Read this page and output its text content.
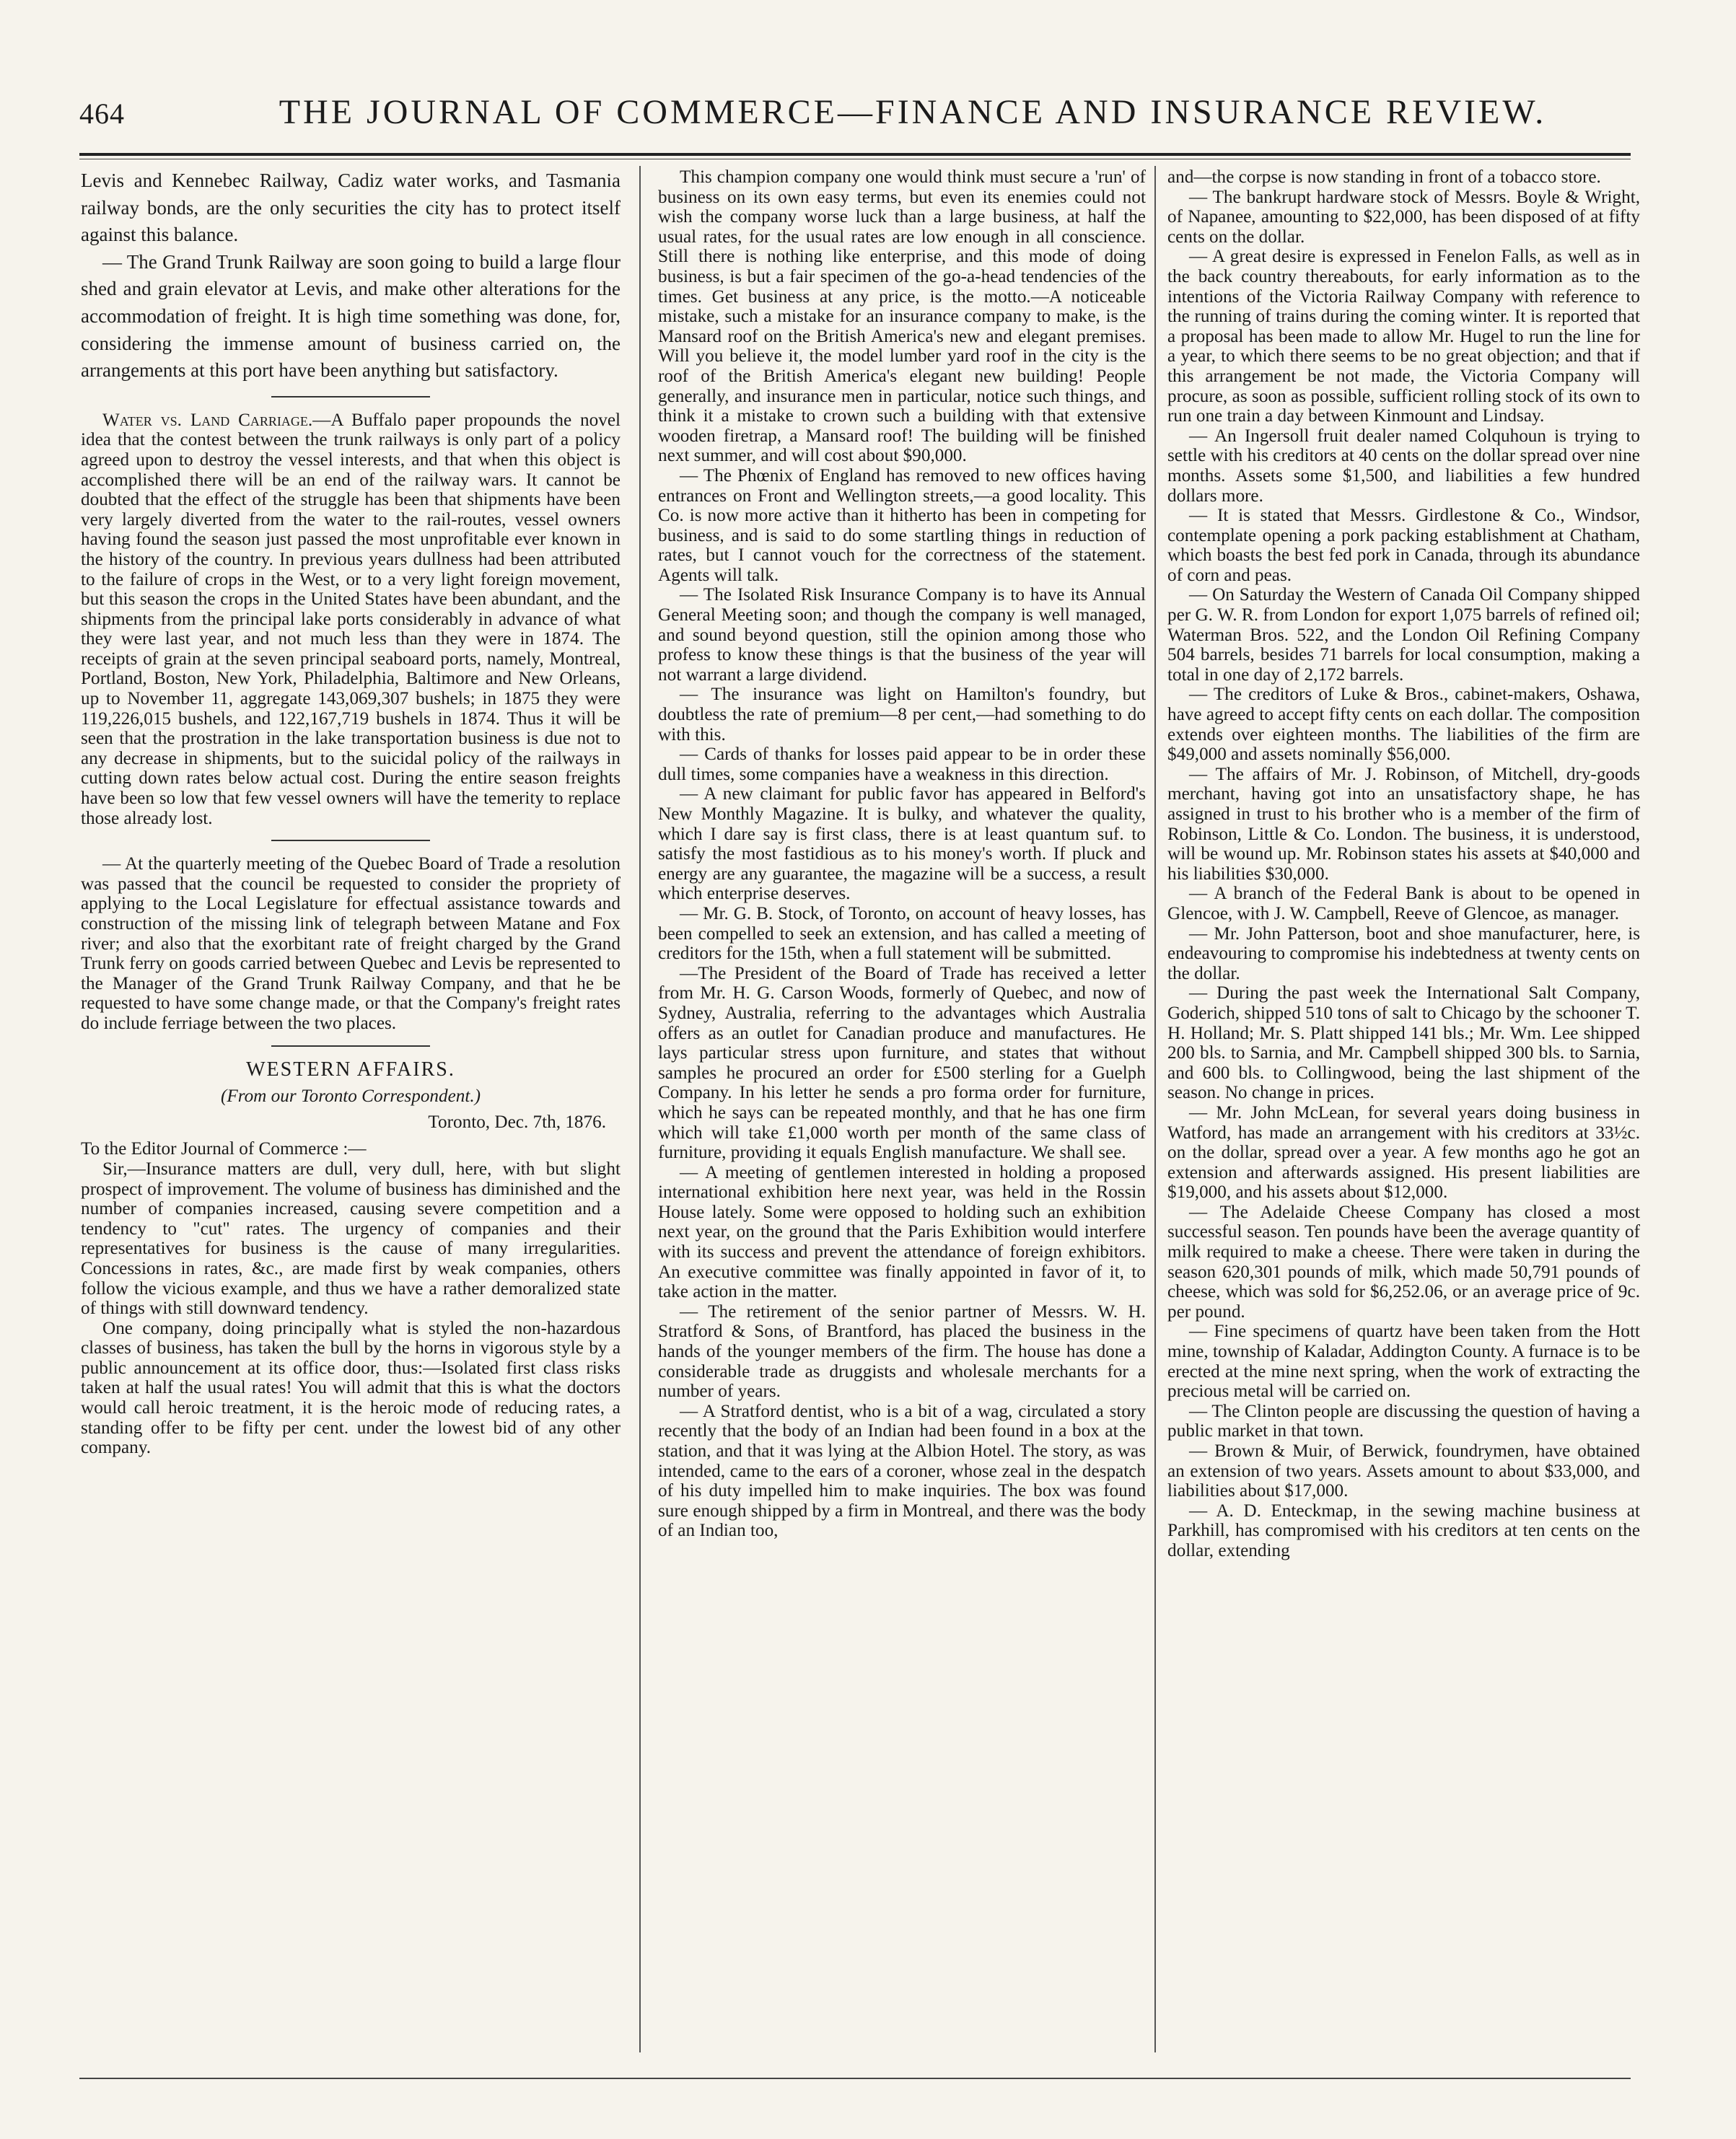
464	THE JOURNAL OF COMMERCE—FINANCE AND INSURANCE REVIEW.

Levis and Kennebec Railway, Cadiz water works, and Tasmania railway bonds, are the only securities the city has to protect itself against this balance.

— The Grand Trunk Railway are soon going to build a large flour shed and grain elevator at Levis, and make other alterations for the accommodation of freight. It is high time something was done, for, considering the immense amount of business carried on, the arrangements at this port have been anything but satisfactory.

Water vs. Land Carriage.—A Buffalo paper propounds the novel idea that the contest between the trunk railways is only part of a policy agreed upon to destroy the vessel interests, and that when this object is accomplished there will be an end of the railway wars. It cannot be doubted that the effect of the struggle has been that shipments have been very largely diverted from the water to the rail-routes, vessel owners having found the season just passed the most unprofitable ever known in the history of the country. In previous years dullness had been attributed to the failure of crops in the West, or to a very light foreign movement, but this season the crops in the United States have been abundant, and the shipments from the principal lake ports considerably in advance of what they were last year, and not much less than they were in 1874. The receipts of grain at the seven principal seaboard ports, namely, Montreal, Portland, Boston, New York, Philadelphia, Baltimore and New Orleans, up to November 11, aggregate 143,069,307 bushels; in 1875 they were 119,226,015 bushels, and 122,167,719 bushels in 1874. Thus it will be seen that the prostration in the lake transportation business is due not to any decrease in shipments, but to the suicidal policy of the railways in cutting down rates below actual cost. During the entire season freights have been so low that few vessel owners will have the temerity to replace those already lost.

— At the quarterly meeting of the Quebec Board of Trade a resolution was passed that the council be requested to consider the propriety of applying to the Local Legislature for effectual assistance towards and construction of the missing link of telegraph between Matane and Fox river; and also that the exorbitant rate of freight charged by the Grand Trunk ferry on goods carried between Quebec and Levis be represented to the Manager of the Grand Trunk Railway Company, and that he be requested to have some change made, or that the Company's freight rates do include ferriage between the two places.

WESTERN AFFAIRS.
(From our Toronto Correspondent.)
Toronto, Dec. 7th, 1876.

To the Editor Journal of Commerce :—

Sir,—Insurance matters are dull, very dull, here, with but slight prospect of improvement. The volume of business has diminished and the number of companies increased, causing severe competition and a tendency to "cut" rates. The urgency of companies and their representatives for business is the cause of many irregularities. Concessions in rates, &c., are made first by weak companies, others follow the vicious example, and thus we have a rather demoralized state of things with still downward tendency.

One company, doing principally what is styled the non-hazardous classes of business, has taken the bull by the horns in vigorous style by a public announcement at its office door, thus:—Isolated first class risks taken at half the usual rates! You will admit that this is what the doctors would call heroic treatment, it is the heroic mode of reducing rates, a standing offer to be fifty per cent. under the lowest bid of any other company.

This champion company one would think must secure a 'run' of business on its own easy terms, but even its enemies could not wish the company worse luck than a large business, at half the usual rates, for the usual rates are low enough in all conscience. Still there is nothing like enterprise, and this mode of doing business, is but a fair specimen of the go-a-head tendencies of the times. Get business at any price, is the motto.—A noticeable mistake, such a mistake for an insurance company to make, is the Mansard roof on the British America's new and elegant premises. Will you believe it, the model lumber yard roof in the city is the roof of the British America's elegant new building! People generally, and insurance men in particular, notice such things, and think it a mistake to crown such a building with that extensive wooden firetrap, a Mansard roof! The building will be finished next summer, and will cost about $90,000.

— The Phœnix of England has removed to new offices having entrances on Front and Wellington streets,—a good locality. This Co. is now more active than it hitherto has been in competing for business, and is said to do some startling things in reduction of rates, but I cannot vouch for the correctness of the statement. Agents will talk.

— The Isolated Risk Insurance Company is to have its Annual General Meeting soon; and though the company is well managed, and sound beyond question, still the opinion among those who profess to know these things is that the business of the year will not warrant a large dividend.

— The insurance was light on Hamilton's foundry, but doubtless the rate of premium—8 per cent,—had something to do with this.

— Cards of thanks for losses paid appear to be in order these dull times, some companies have a weakness in this direction.

— A new claimant for public favor has appeared in Belford's New Monthly Magazine. It is bulky, and whatever the quality, which I dare say is first class, there is at least quantum suf. to satisfy the most fastidious as to his money's worth. If pluck and energy are any guarantee, the magazine will be a success, a result which enterprise deserves.

— Mr. G. B. Stock, of Toronto, on account of heavy losses, has been compelled to seek an extension, and has called a meeting of creditors for the 15th, when a full statement will be submitted.

—The President of the Board of Trade has received a letter from Mr. H. G. Carson Woods, formerly of Quebec, and now of Sydney, Australia, referring to the advantages which Australia offers as an outlet for Canadian produce and manufactures. He lays particular stress upon furniture, and states that without samples he procured an order for £500 sterling for a Guelph Company. In his letter he sends a pro forma order for furniture, which he says can be repeated monthly, and that he has one firm which will take £1,000 worth per month of the same class of furniture, providing it equals English manufacture. We shall see.

— A meeting of gentlemen interested in holding a proposed international exhibition here next year, was held in the Rossin House lately. Some were opposed to holding such an exhibition next year, on the ground that the Paris Exhibition would interfere with its success and prevent the attendance of foreign exhibitors. An executive committee was finally appointed in favor of it, to take action in the matter.

— The retirement of the senior partner of Messrs. W. H. Stratford & Sons, of Brantford, has placed the business in the hands of the younger members of the firm. The house has done a considerable trade as druggists and wholesale merchants for a number of years.

— A Stratford dentist, who is a bit of a wag, circulated a story recently that the body of an Indian had been found in a box at the station, and that it was lying at the Albion Hotel. The story, as was intended, came to the ears of a coroner, whose zeal in the despatch of his duty impelled him to make inquiries. The box was found sure enough shipped by a firm in Montreal, and there was the body of an Indian too,

and—the corpse is now standing in front of a tobacco store.

— The bankrupt hardware stock of Messrs. Boyle & Wright, of Napanee, amounting to $22,000, has been disposed of at fifty cents on the dollar.

— A great desire is expressed in Fenelon Falls, as well as in the back country thereabouts, for early information as to the intentions of the Victoria Railway Company with reference to the running of trains during the coming winter. It is reported that a proposal has been made to allow Mr. Hugel to run the line for a year, to which there seems to be no great objection; and that if this arrangement be not made, the Victoria Company will procure, as soon as possible, sufficient rolling stock of its own to run one train a day between Kinmount and Lindsay.

— An Ingersoll fruit dealer named Colquhoun is trying to settle with his creditors at 40 cents on the dollar spread over nine months. Assets some $1,500, and liabilities a few hundred dollars more.

— It is stated that Messrs. Girdlestone & Co., Windsor, contemplate opening a pork packing establishment at Chatham, which boasts the best fed pork in Canada, through its abundance of corn and peas.

— On Saturday the Western of Canada Oil Company shipped per G. W. R. from London for export 1,075 barrels of refined oil; Waterman Bros. 522, and the London Oil Refining Company 504 barrels, besides 71 barrels for local consumption, making a total in one day of 2,172 barrels.

— The creditors of Luke & Bros., cabinet-makers, Oshawa, have agreed to accept fifty cents on each dollar. The composition extends over eighteen months. The liabilities of the firm are $49,000 and assets nominally $56,000.

— The affairs of Mr. J. Robinson, of Mitchell, dry-goods merchant, having got into an unsatisfactory shape, he has assigned in trust to his brother who is a member of the firm of Robinson, Little & Co. London. The business, it is understood, will be wound up. Mr. Robinson states his assets at $40,000 and his liabilities $30,000.

— A branch of the Federal Bank is about to be opened in Glencoe, with J. W. Campbell, Reeve of Glencoe, as manager.

— Mr. John Patterson, boot and shoe manufacturer, here, is endeavouring to compromise his indebtedness at twenty cents on the dollar.

— During the past week the International Salt Company, Goderich, shipped 510 tons of salt to Chicago by the schooner T. H. Holland; Mr. S. Platt shipped 141 bls.; Mr. Wm. Lee shipped 200 bls. to Sarnia, and Mr. Campbell shipped 300 bls. to Sarnia, and 600 bls. to Collingwood, being the last shipment of the season. No change in prices.

— Mr. John McLean, for several years doing business in Watford, has made an arrangement with his creditors at 33½c. on the dollar, spread over a year. A few months ago he got an extension and afterwards assigned. His present liabilities are $19,000, and his assets about $12,000.

— The Adelaide Cheese Company has closed a most successful season. Ten pounds have been the average quantity of milk required to make a cheese. There were taken in during the season 620,301 pounds of milk, which made 50,791 pounds of cheese, which was sold for $6,252.06, or an average price of 9c. per pound.

— Fine specimens of quartz have been taken from the Hott mine, township of Kaladar, Addington County. A furnace is to be erected at the mine next spring, when the work of extracting the precious metal will be carried on.

— The Clinton people are discussing the question of having a public market in that town.

— Brown & Muir, of Berwick, foundrymen, have obtained an extension of two years. Assets amount to about $33,000, and liabilities about $17,000.

— A. D. Enteckmap, in the sewing machine business at Parkhill, has compromised with his creditors at ten cents on the dollar, extending
